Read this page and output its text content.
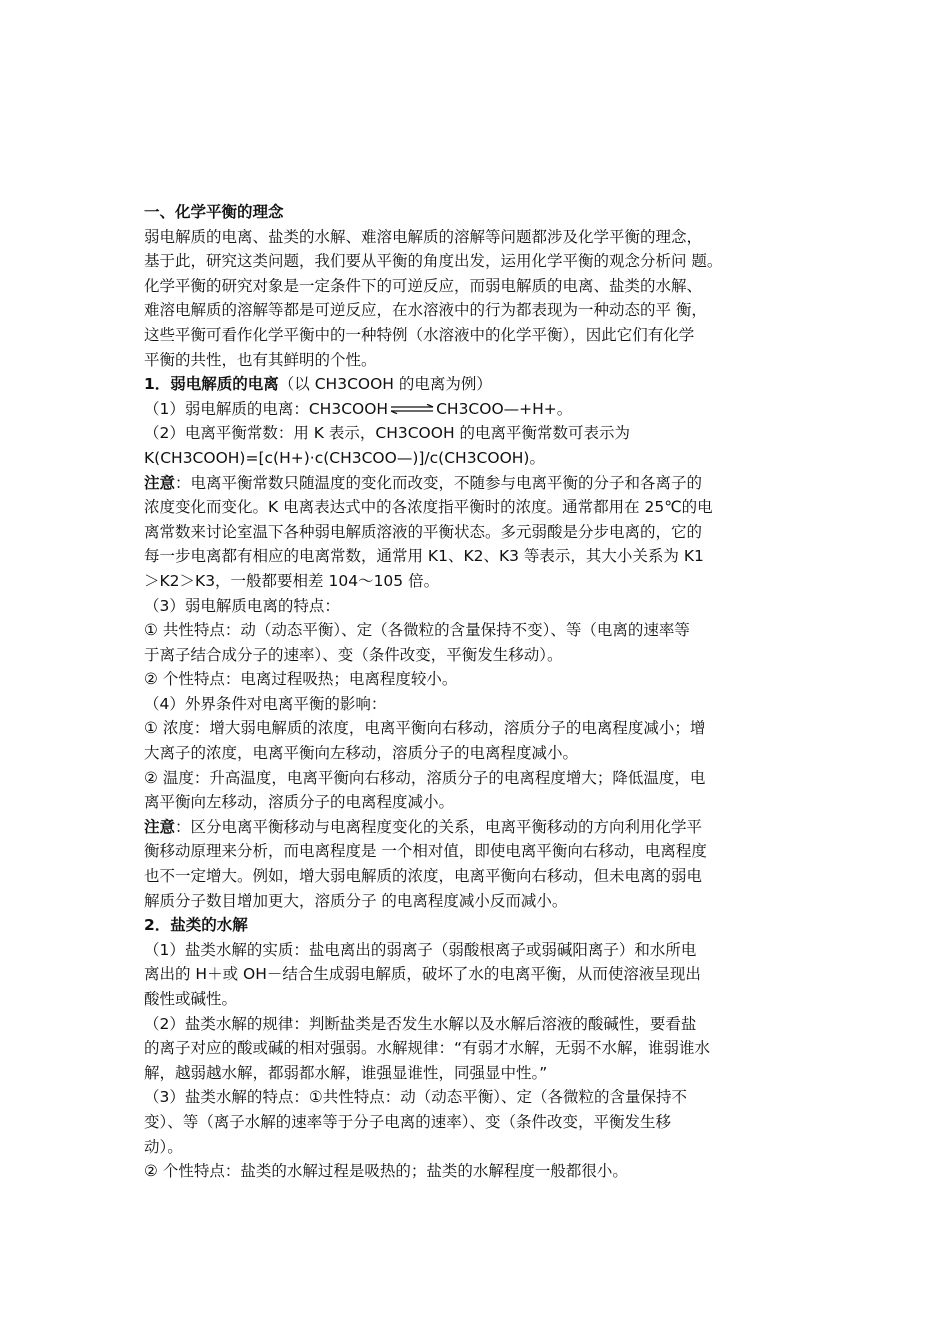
一、化学平衡的理念
弱电解质的电离、盐类的水解、难溶电解质的溶解等问题都涉及化学平衡的理念，
基于此，研究这类问题，我们要从平衡的角度出发，运用化学平衡的观念分析问 题。
化学平衡的研究对象是一定条件下的可逆反应，而弱电解质的电离、盐类的水解、
难溶电解质的溶解等都是可逆反应，在水溶液中的行为都表现为一种动态的平 衡，
这些平衡可看作化学平衡中的一种特例（水溶液中的化学平衡），因此它们有化学
平衡的共性，也有其鲜明的个性。
1．弱电解质的电离（以 CH3COOH 的电离为例）
（1）弱电解质的电离：CH3COOH⇌CH3COO—+H+。
（2）电离平衡常数：用 K 表示，CH3COOH 的电离平衡常数可表示为
K(CH3COOH)=[c(H+)·c(CH3COO—)]/c(CH3COOH)。
注意：电离平衡常数只随温度的变化而改变，不随参与电离平衡的分子和各离子的
浓度变化而变化。K 电离表达式中的各浓度指平衡时的浓度。通常都用在 25℃的电
离常数来讨论室温下各种弱电解质溶液的平衡状态。多元弱酸是分步电离的，它的
每一步电离都有相应的电离常数，通常用 K1、K2、K3 等表示，其大小关系为 K1
＞K2＞K3，一般都要相差 104～105 倍。
（3）弱电解质电离的特点：
① 共性特点：动（动态平衡）、定（各微粒的含量保持不变）、等（电离的速率等
于离子结合成分子的速率）、变（条件改变，平衡发生移动）。
② 个性特点：电离过程吸热；电离程度较小。
（4）外界条件对电离平衡的影响：
① 浓度：增大弱电解质的浓度，电离平衡向右移动，溶质分子的电离程度减小；增
大离子的浓度，电离平衡向左移动，溶质分子的电离程度减小。
② 温度：升高温度，电离平衡向右移动，溶质分子的电离程度增大；降低温度，电
离平衡向左移动，溶质分子的电离程度减小。
注意：区分电离平衡移动与电离程度变化的关系，电离平衡移动的方向利用化学平
衡移动原理来分析，而电离程度是 一个相对值，即使电离平衡向右移动，电离程度
也不一定增大。例如，增大弱电解质的浓度，电离平衡向右移动，但未电离的弱电
解质分子数目增加更大，溶质分子 的电离程度减小反而减小。
2．盐类的水解
（1）盐类水解的实质：盐电离出的弱离子（弱酸根离子或弱碱阳离子）和水所电
离出的 H＋或 OH－结合生成弱电解质，破坏了水的电离平衡，从而使溶液呈现出
酸性或碱性。
（2）盐类水解的规律：判断盐类是否发生水解以及水解后溶液的酸碱性，要看盐
的离子对应的酸或碱的相对强弱。水解规律：“有弱才水解，无弱不水解，谁弱谁水
解，越弱越水解，都弱都水解，谁强显谁性，同强显中性。”
（3）盐类水解的特点：①共性特点：动（动态平衡）、定（各微粒的含量保持不
变）、等（离子水解的速率等于分子电离的速率）、变（条件改变，平衡发生移
动）。
② 个性特点：盐类的水解过程是吸热的；盐类的水解程度一般都很小。
